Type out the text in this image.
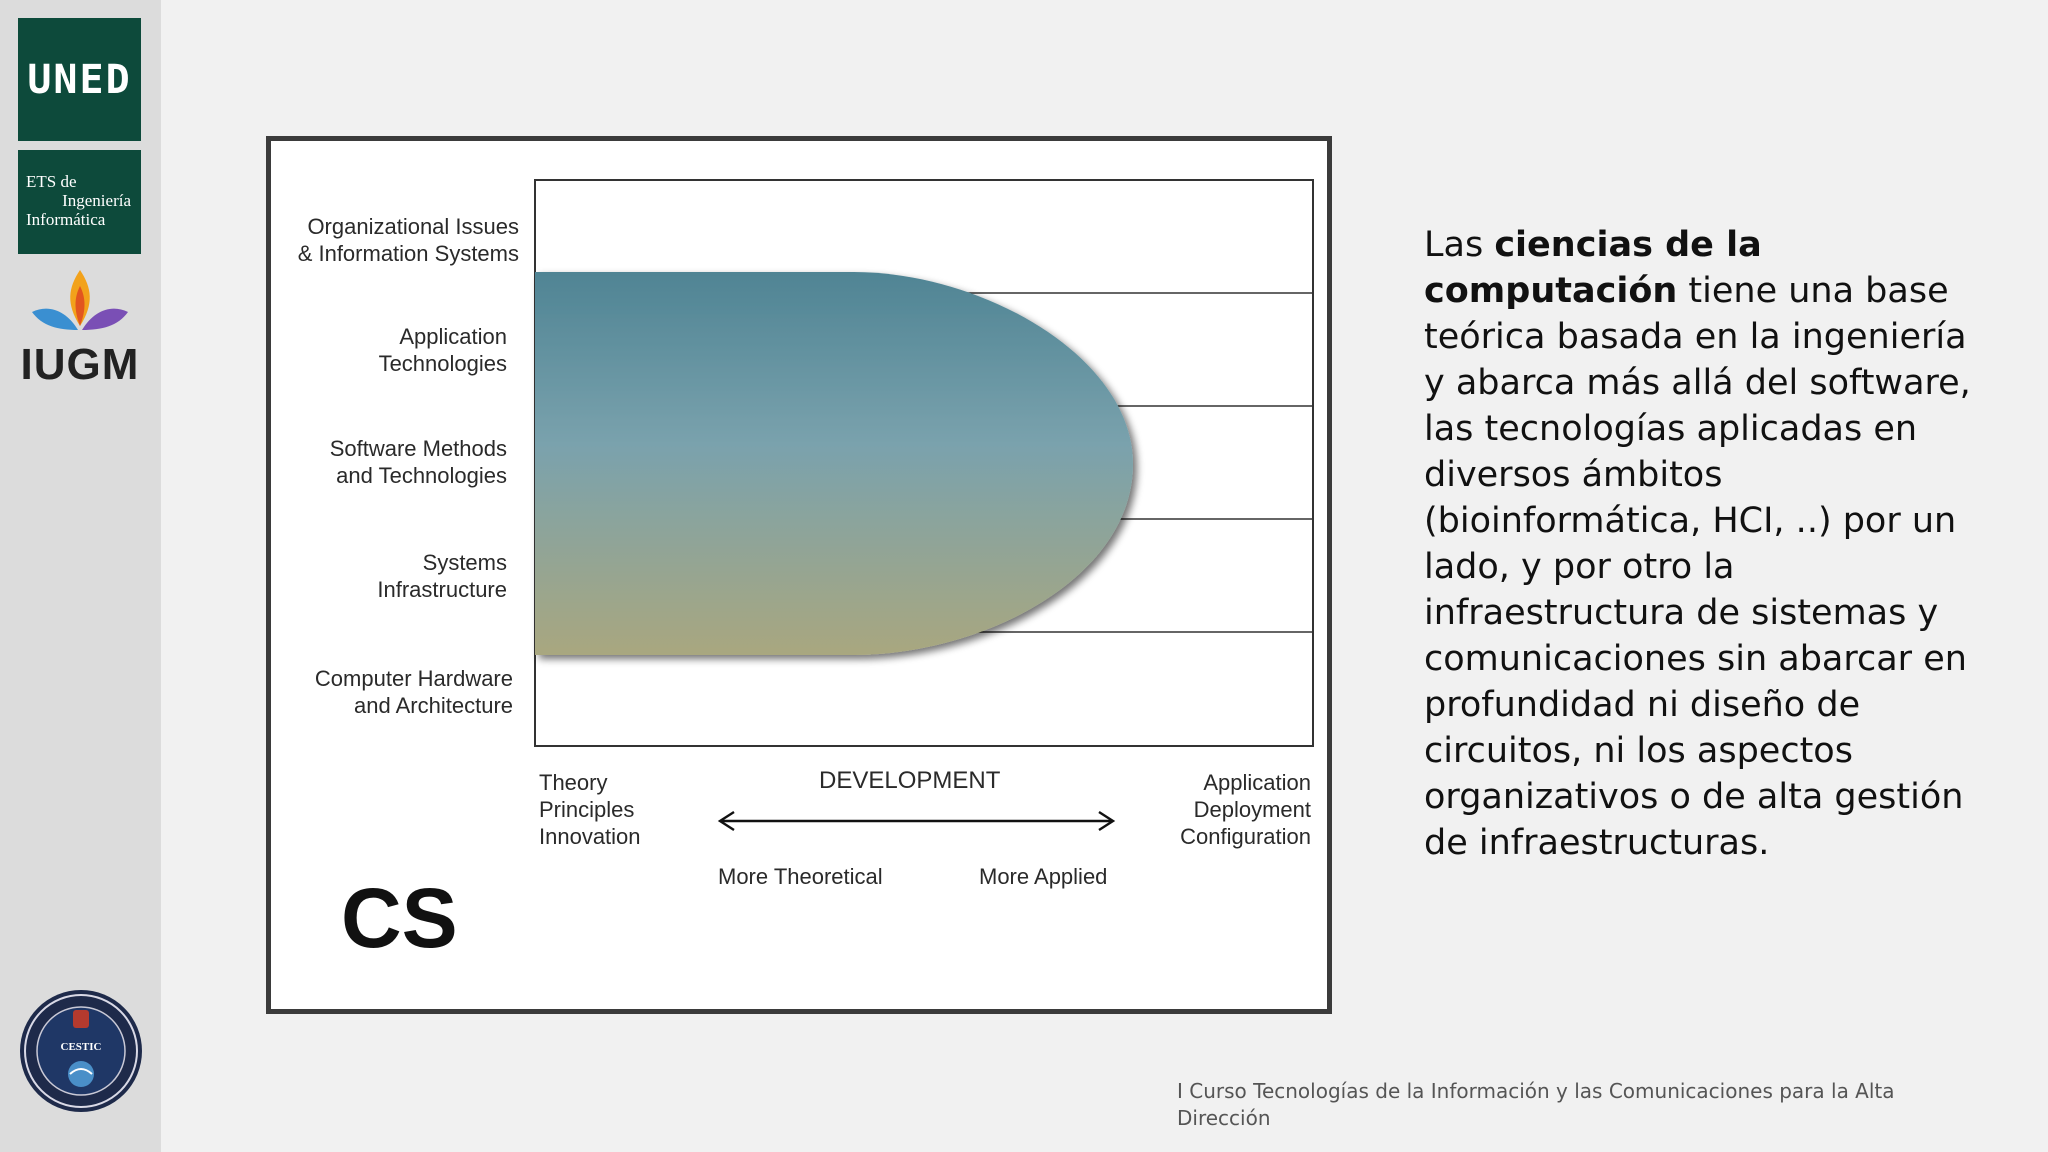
UNED
ETS de
Ingeniería
Informática
IUGM
CESTIC
Organizational Issues
& Information Systems
Application
Technologies
Software Methods
and Technologies
Systems
Infrastructure
Computer Hardware
and Architecture
Theory
Principles
Innovation
DEVELOPMENT	Application
Deployment
Configuration
More Theoretical	More Applied
CS
Las ciencias de la
computación tiene una base teórica basada en la ingeniería y abarca más allá del software, las tecnologías aplicadas en diversos ámbitos (bioinformática, HCI, ..) por un lado, y por otro la infraestructura de sistemas y comunicaciones sin abarcar en profundidad ni diseño de circuitos, ni los aspectos organizativos o de alta gestión de infraestructuras.
I Curso Tecnologías de la Información y las Comunicaciones para la Alta
Dirección
